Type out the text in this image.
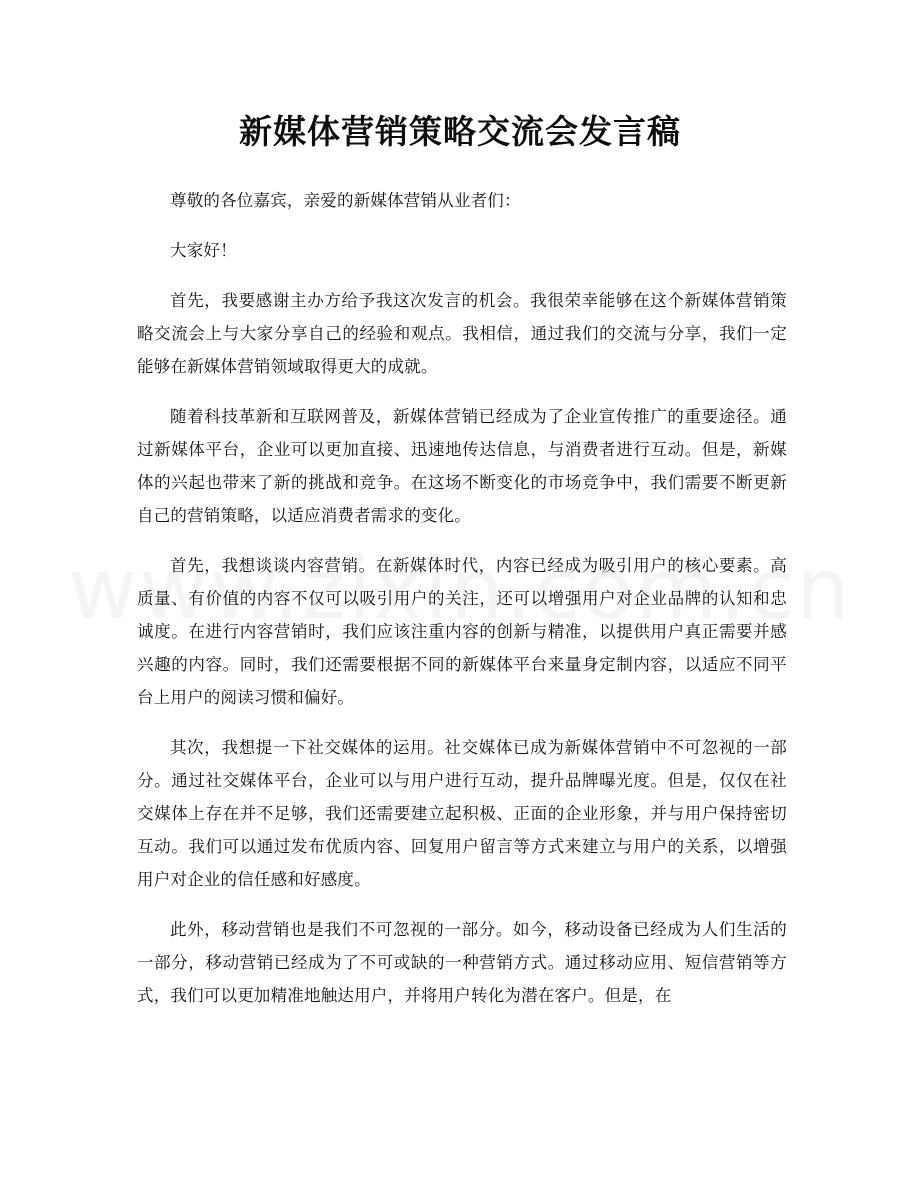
新媒体营销策略交流会发言稿

尊敬的各位嘉宾，亲爱的新媒体营销从业者们：

大家好！

首先，我要感谢主办方给予我这次发言的机会。我很荣幸能够在这个新媒体营销策略交流会上与大家分享自己的经验和观点。我相信，通过我们的交流与分享，我们一定能够在新媒体营销领域取得更大的成就。

随着科技革新和互联网普及，新媒体营销已经成为了企业宣传推广的重要途径。通过新媒体平台，企业可以更加直接、迅速地传达信息，与消费者进行互动。但是，新媒体的兴起也带来了新的挑战和竞争。在这场不断变化的市场竞争中，我们需要不断更新自己的营销策略，以适应消费者需求的变化。

首先，我想谈谈内容营销。在新媒体时代，内容已经成为吸引用户的核心要素。高质量、有价值的内容不仅可以吸引用户的关注，还可以增强用户对企业品牌的认知和忠诚度。在进行内容营销时，我们应该注重内容的创新与精准，以提供用户真正需要并感兴趣的内容。同时，我们还需要根据不同的新媒体平台来量身定制内容，以适应不同平台上用户的阅读习惯和偏好。

其次，我想提一下社交媒体的运用。社交媒体已成为新媒体营销中不可忽视的一部分。通过社交媒体平台，企业可以与用户进行互动，提升品牌曝光度。但是，仅仅在社交媒体上存在并不足够，我们还需要建立起积极、正面的企业形象，并与用户保持密切互动。我们可以通过发布优质内容、回复用户留言等方式来建立与用户的关系，以增强用户对企业的信任感和好感度。

此外，移动营销也是我们不可忽视的一部分。如今，移动设备已经成为人们生活的一部分，移动营销已经成为了不可或缺的一种营销方式。通过移动应用、短信营销等方式，我们可以更加精准地触达用户，并将用户转化为潜在客户。但是，在
